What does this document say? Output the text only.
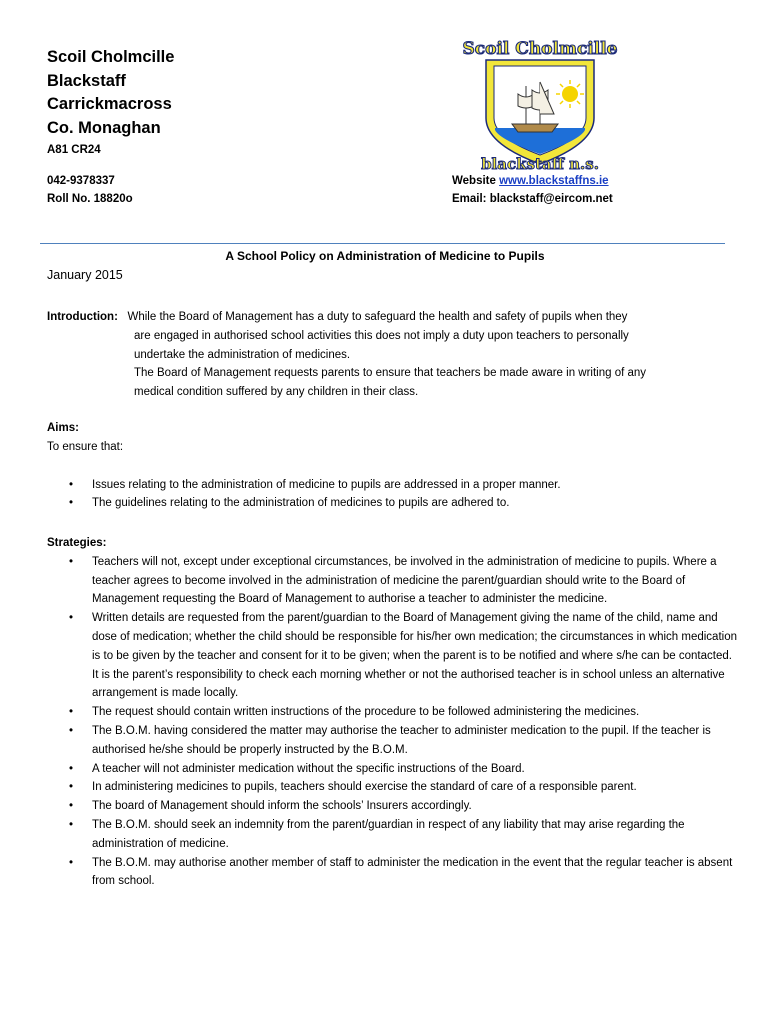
Scoil Cholmcille
Blackstaff
Carrickmacross
Co. Monaghan
A81 CR24
042-9378337
Roll No. 18820o
Website www.blackstaffns.ie
Email: blackstaff@eircom.net
Scoil Cholmcille
blackstaff n.s.
A School Policy on Administration of Medicine to Pupils
January 2015
Introduction: While the Board of Management has a duty to safeguard the health and safety of pupils when they
are engaged in authorised school activities this does not imply a duty upon teachers to personally
undertake the administration of medicines.
The Board of Management requests parents to ensure that teachers be made aware in writing of any
medical condition suffered by any children in their class.
Aims:
To ensure that:
• Issues relating to the administration of medicine to pupils are addressed in a proper manner.
• The guidelines relating to the administration of medicines to pupils are adhered to.
Strategies:
• Teachers will not, except under exceptional circumstances, be involved in the administration of medicine to pupils. Where a teacher agrees to become involved in the administration of medicine the parent/guardian should write to the Board of Management requesting the Board of Management to authorise a teacher to administer the medicine.
• Written details are requested from the parent/guardian to the Board of Management giving the name of the child, name and dose of medication; whether the child should be responsible for his/her own medication; the circumstances in which medication is to be given by the teacher and consent for it to be given; when the parent is to be notified and where s/he can be contacted. It is the parent’s responsibility to check each morning whether or not the authorised teacher is in school unless an alternative arrangement is made locally.
• The request should contain written instructions of the procedure to be followed administering the medicines.
• The B.O.M. having considered the matter may authorise the teacher to administer medication to the pupil. If the teacher is authorised he/she should be properly instructed by the B.O.M.
• A teacher will not administer medication without the specific instructions of the Board.
• In administering medicines to pupils, teachers should exercise the standard of care of a responsible parent.
• The board of Management should inform the schools’ Insurers accordingly.
• The B.O.M. should seek an indemnity from the parent/guardian in respect of any liability that may arise regarding the administration of medicine.
• The B.O.M. may authorise another member of staff to administer the medication in the event that the regular teacher is absent from school.
